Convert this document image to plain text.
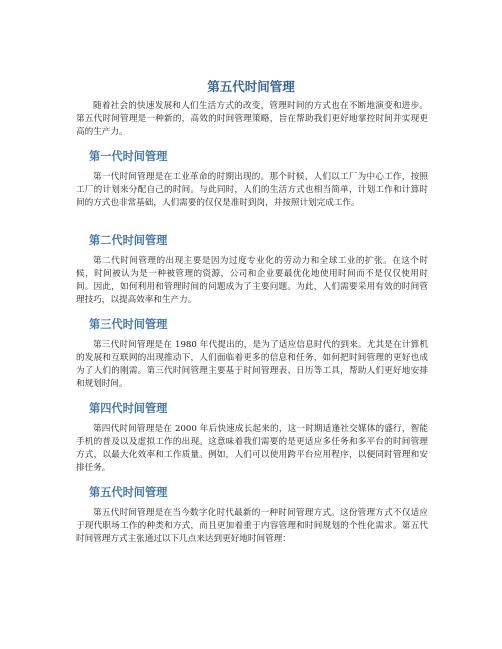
第五代时间管理

随着社会的快速发展和人们生活方式的改变，管理时间的方式也在不断地演变和进步。第五代时间管理是一种新的，高效的时间管理策略，旨在帮助我们更好地掌控时间并实现更高的生产力。

第一代时间管理

第一代时间管理是在工业革命的时期出现的。那个时候，人们以工厂为中心工作，按照工厂的计划来分配自己的时间。与此同时，人们的生活方式也相当简单，计划工作和计算时间的方式也非常基础，人们需要的仅仅是准时到岗，并按照计划完成工作。

第二代时间管理

第二代时间管理的出现主要是因为过度专业化的劳动力和全球工业的扩张。在这个时候，时间被认为是一种被管理的资源，公司和企业要最优化地使用时间而不是仅仅使用时间。因此，如何利用和管理时间的问题成为了主要问题。为此，人们需要采用有效的时间管理技巧，以提高效率和生产力。

第三代时间管理

第三代时间管理是在 1980 年代提出的，是为了适应信息时代的到来。尤其是在计算机的发展和互联网的出现推动下，人们面临着更多的信息和任务，如何把时间管理的更好也成为了人们的刚需。第三代时间管理主要基于时间管理表、日历等工具，帮助人们更好地安排和规划时间。

第四代时间管理

第四代时间管理是在 2000 年后快速成长起来的，这一时期适逢社交媒体的盛行，智能手机的普及以及虚拟工作的出现。这意味着我们需要的是更适应多任务和多平台的时间管理方式，以最大化效率和工作质量。例如，人们可以使用跨平台应用程序，以便同时管理和安排任务。

第五代时间管理

第五代时间管理是在当今数字化时代最新的一种时间管理方式。这份管理方式不仅适应于现代职场工作的种类和方式，而且更加着重于内容管理和时间规划的个性化需求。第五代时间管理方式主张通过以下几点来达到更好地时间管理：
